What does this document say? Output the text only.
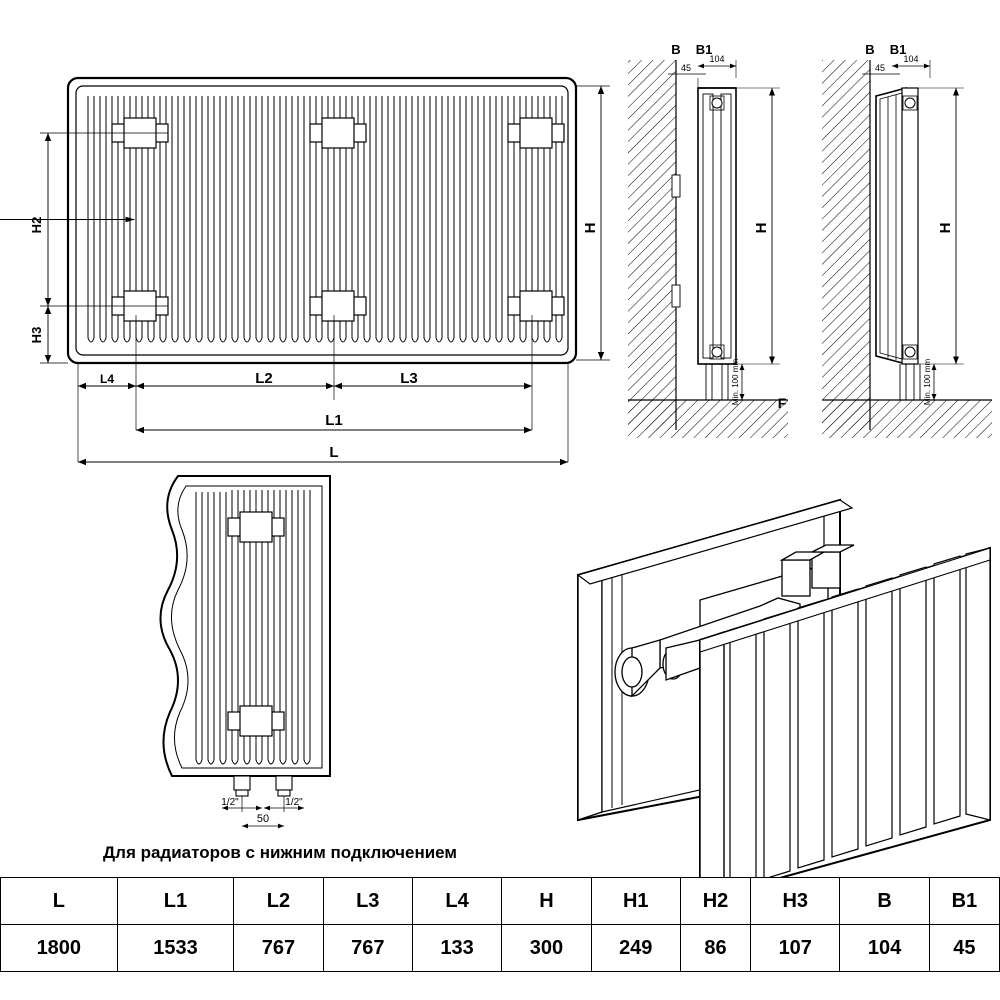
H2
H3
H
L4	L2	L3
L1
L
B B1
45
104
H
Min. 100 mm	F
B B1
45
104
H
Min. 100 mm
1/2"	1/2"
50
Для радиаторов с нижним подключением
L	L1	L2	L3	L4	H	H1	H2	H3	B	B1
1800	1533	767	767	133	300	249	86	107	104	45
